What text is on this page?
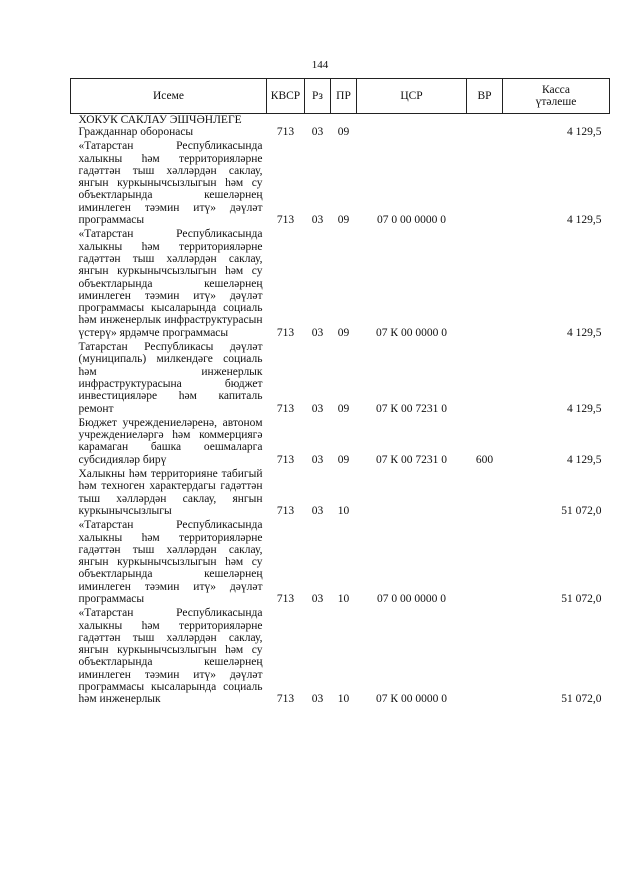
144
Исеме	КВСР	Рз	ПР	ЦСР	ВР	Касса
үтәлеше

ХОКУК САКЛАУ ЭШЧӘНЛЕГЕ						
Гражданнар оборонасы	713	03	09			4 129,5
«Татарстан Республикасында халыкны һәм территорияләрне гадәттән тыш хәлләрдән саклау, янгын куркынычсызлыгын һәм су объектларында кешеләрнең иминлеген тәэмин итү» дәүләт программасы	713	03	09	07 0 00 0000 0		4 129,5
«Татарстан Республикасында халыкны һәм территорияләрне гадәттән тыш хәлләрдән саклау, янгын куркынычсызлыгын һәм су объектларында кешеләрнең иминлеген тәэмин итү» дәүләт программасы кысаларында социаль һәм инженерлык инфраструктурасын үстерү» ярдәмче программасы	713	03	09	07 К 00 0000 0		4 129,5
Татарстан Республикасы дәүләт (муниципаль) милкендәге социаль һәм инженерлык инфраструктурасына бюджет инвестицияләре һәм капиталь ремонт	713	03	09	07 К 00 7231 0		4 129,5
Бюджет учреждениеләренә, автоном учреждениеләргә һәм коммерциягә карамаган башка оешмаларга субсидияләр бирү	713	03	09	07 К 00 7231 0	600	4 129,5
Халыкны һәм территорияне табигый һәм техноген характердагы гадәттән тыш хәлләрдән саклау, янгын куркынычсызлыгы	713	03	10			51 072,0
«Татарстан Республикасында халыкны һәм территорияләрне гадәттән тыш хәлләрдән саклау, янгын куркынычсызлыгын һәм су объектларында кешеләрнең иминлеген тәэмин итү» дәүләт программасы	713	03	10	07 0 00 0000 0		51 072,0
«Татарстан Республикасында халыкны һәм территорияләрне гадәттән тыш хәлләрдән саклау, янгын куркынычсызлыгын һәм су объектларында кешеләрнең иминлеген тәэмин итү» дәүләт программасы кысаларында социаль һәм инженерлык	713	03	10	07 К 00 0000 0		51 072,0
